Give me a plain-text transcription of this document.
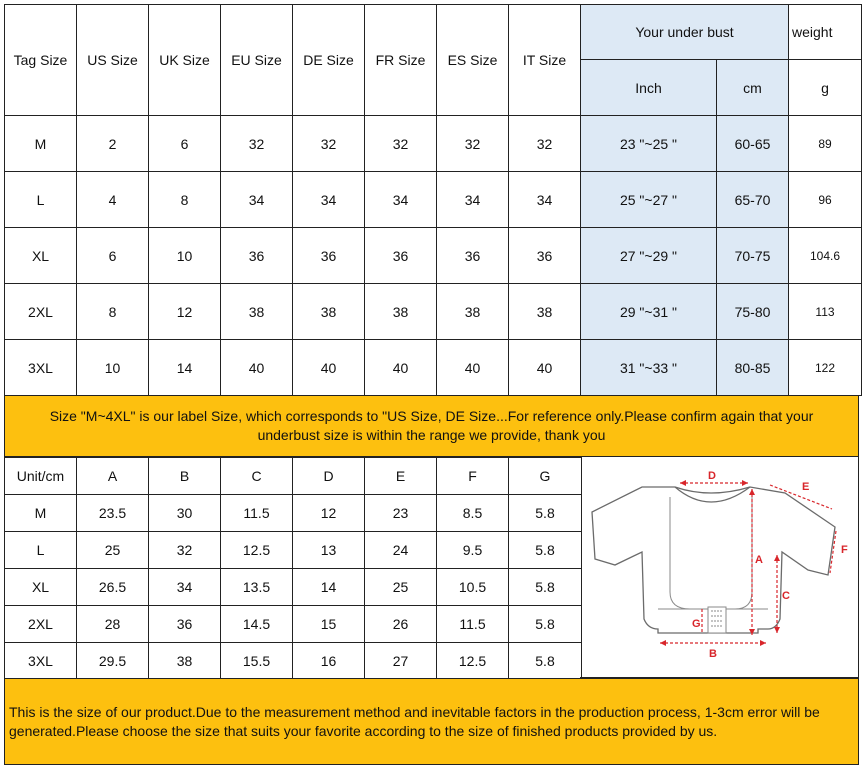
Tag Size	US Size	UK Size	EU Size	DE Size	FR Size	ES Size	IT Size	Your under bust		weight
								Inch	cm	g
M	2	6	32	32	32	32	32	23 "~25 "	60-65	89
L	4	8	34	34	34	34	34	25 "~27 "	65-70	96
XL	6	10	36	36	36	36	36	27 "~29 "	70-75	104.6
2XL	8	12	38	38	38	38	38	29 "~31 "	75-80	113
3XL	10	14	40	40	40	40	40	31 "~33 "	80-85	122
Size "M~4XL" is our label Size, which corresponds to "US Size, DE Size...For reference only.Please confirm again that your underbust size is within the range we provide, thank you
Unit/cm	A	B	C	D	E	F	G
M	23.5	30	11.5	12	23	8.5	5.8
L	25	32	12.5	13	24	9.5	5.8
XL	26.5	34	13.5	14	25	10.5	5.8
2XL	28	36	14.5	15	26	11.5	5.8
3XL	29.5	38	15.5	16	27	12.5	5.8
D
E
F
A
C
B
G
This is the size of our product.Due to the measurement method and inevitable factors in the production process, 1-3cm error will be generated.Please choose the size that suits your favorite according to the size of finished products provided by us.
